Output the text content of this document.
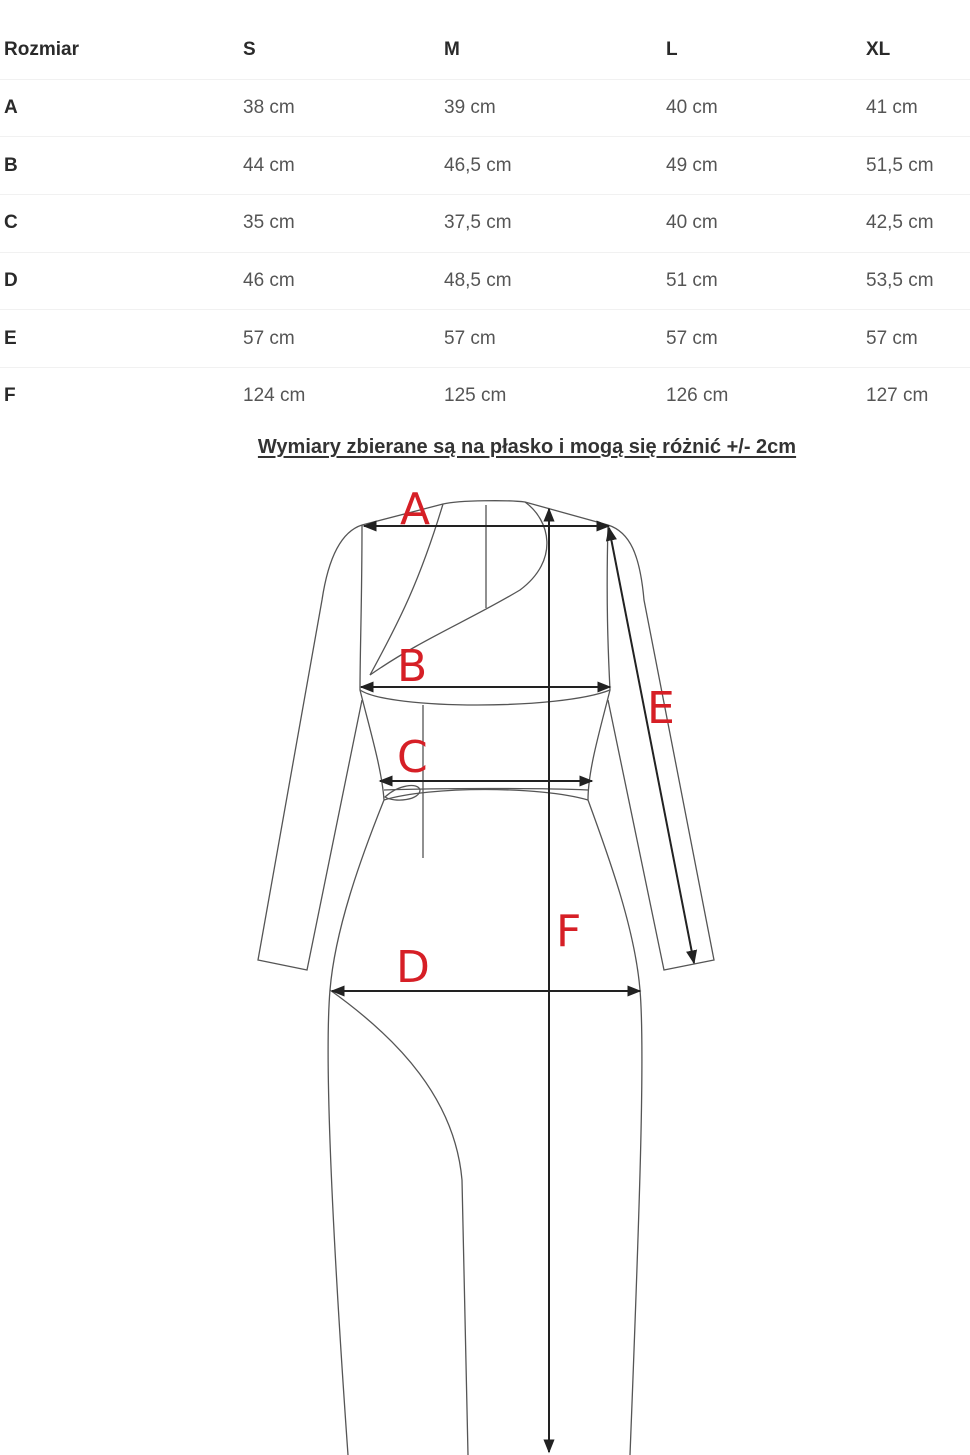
Rozmiar	S	M	L	XL
A	38 cm	39 cm	40 cm	41 cm
B	44 cm	46,5 cm	49 cm	51,5 cm
C	35 cm	37,5 cm	40 cm	42,5 cm
D	46 cm	48,5 cm	51 cm	53,5 cm
E	57 cm	57 cm	57 cm	57 cm
F	124 cm	125 cm	126 cm	127 cm
Wymiary zbierane są na płasko i mogą się różnić +/- 2cm
A
B
C
D
E
F
